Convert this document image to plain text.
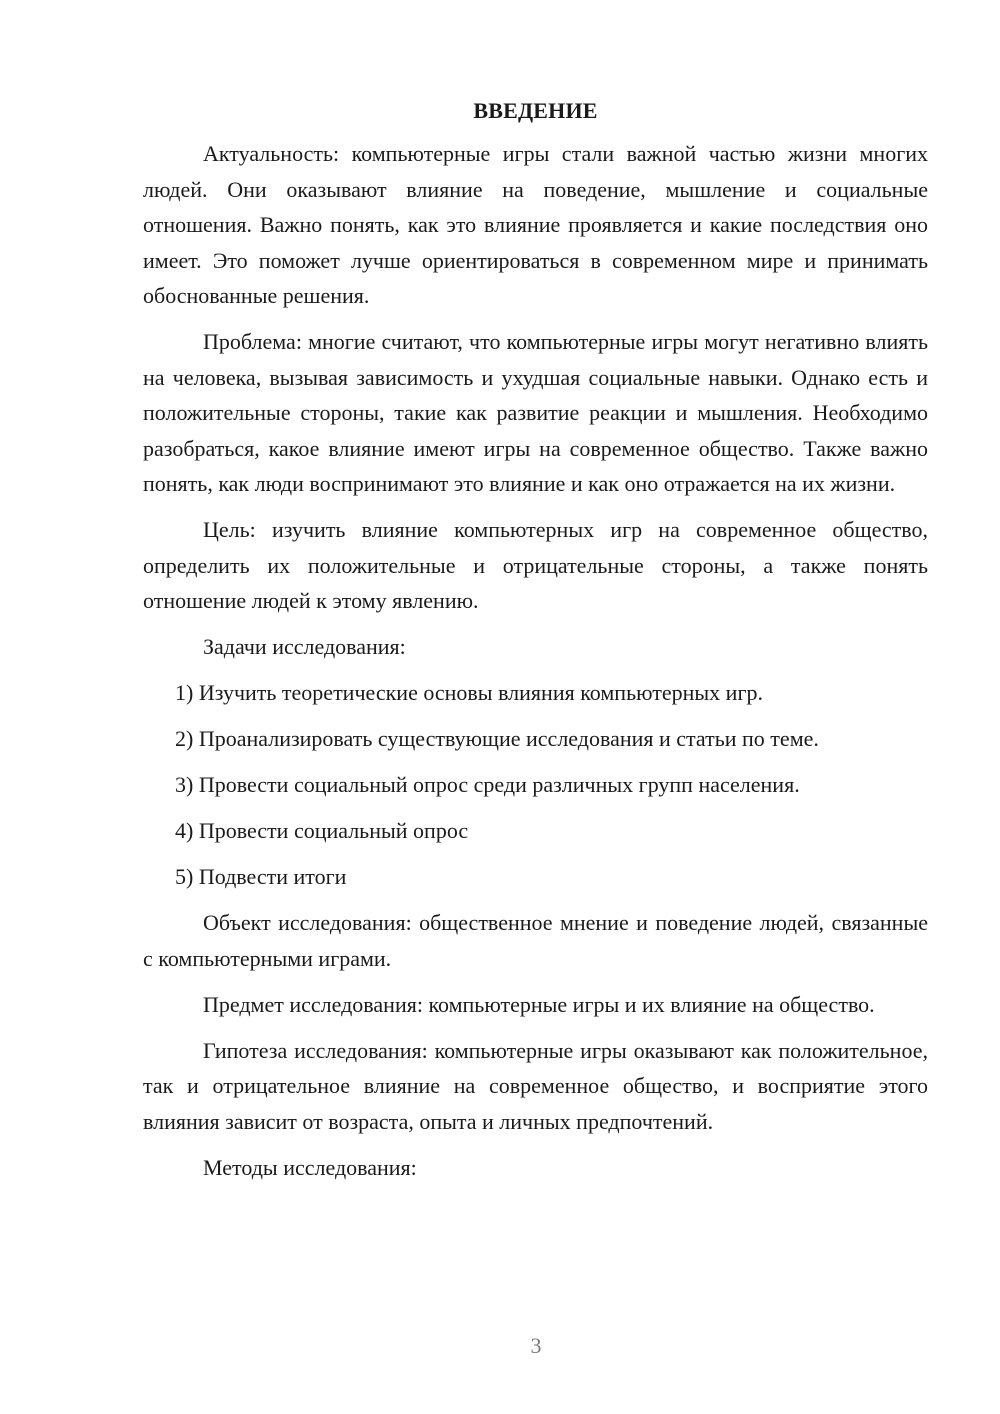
ВВЕДЕНИЕ

Актуальность: компьютерные игры стали важной частью жизни многих людей. Они оказывают влияние на поведение, мышление и социальные отношения. Важно понять, как это влияние проявляется и какие последствия оно имеет. Это поможет лучше ориентироваться в современном мире и принимать обоснованные решения.

Проблема: многие считают, что компьютерные игры могут негативно влиять на человека, вызывая зависимость и ухудшая социальные навыки. Однако есть и положительные стороны, такие как развитие реакции и мышления. Необходимо разобраться, какое влияние имеют игры на современное общество. Также важно понять, как люди воспринимают это влияние и как оно отражается на их жизни.

Цель: изучить влияние компьютерных игр на современное общество, определить их положительные и отрицательные стороны, а также понять отношение людей к этому явлению.

Задачи исследования:

1) Изучить теоретические основы влияния компьютерных игр.

2) Проанализировать существующие исследования и статьи по теме.

3) Провести социальный опрос среди различных групп населения.

4) Провести социальный опрос

5) Подвести итоги

Объект исследования: общественное мнение и поведение людей, связанные с компьютерными играми.

Предмет исследования: компьютерные игры и их влияние на общество.

Гипотеза исследования: компьютерные игры оказывают как положительное, так и отрицательное влияние на современное общество, и восприятие этого влияния зависит от возраста, опыта и личных предпочтений.

Методы исследования:

3
